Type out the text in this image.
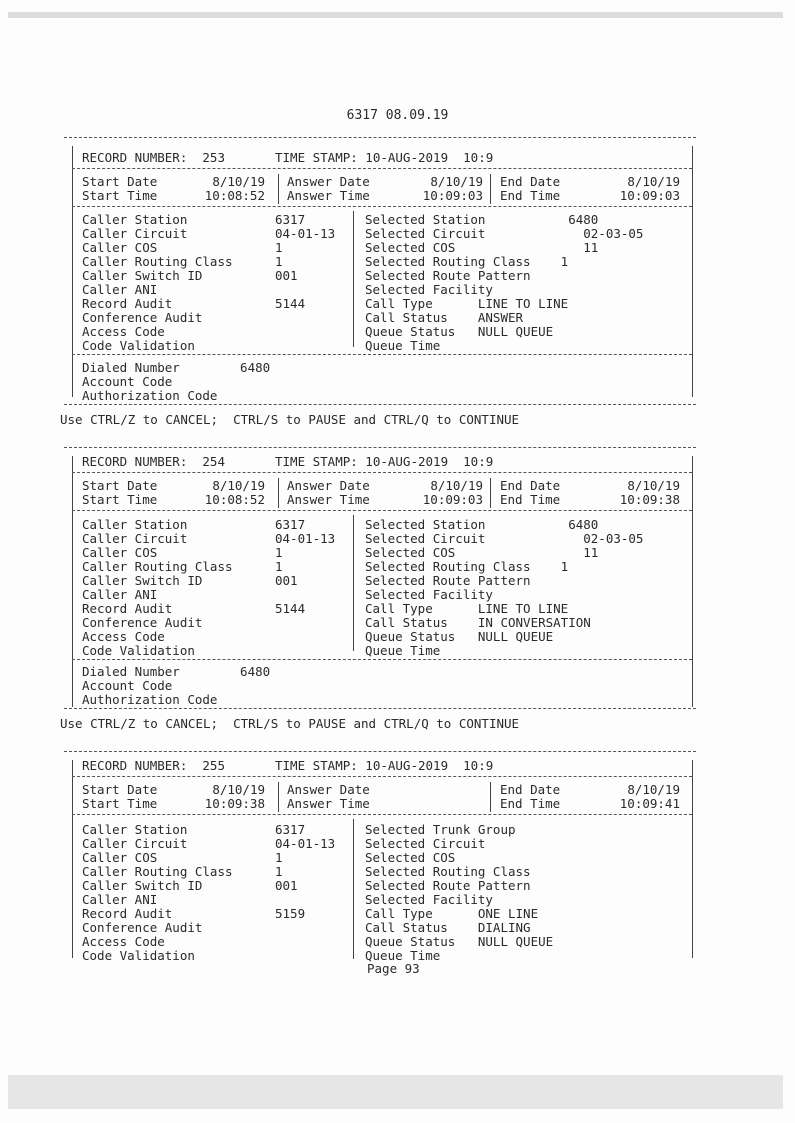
6317 08.09.19
RECORD NUMBER:  253	TIME STAMP: 10-AUG-2019  10:9
Start Date	8/10/19 Answer Date	8/10/19 End Date	8/10/19
Start Time	10:08:52 Answer Time	10:09:03 End Time	10:09:03
Caller Station	6317
Caller Circuit	04-01-13
Caller COS	1
Caller Routing Class	1
Caller Switch ID	001
Caller ANI
Record Audit	5144
Conference Audit
Access Code
Code Validation
Selected Station           6480
Selected Circuit             02-03-05
Selected COS                 11
Selected Routing Class    1
Selected Route Pattern
Selected Facility
Call Type      LINE TO LINE
Call Status    ANSWER
Queue Status   NULL QUEUE
Queue Time
Dialed Number        6480
Account Code
Authorization Code
Use CTRL/Z to CANCEL;  CTRL/S to PAUSE and CTRL/Q to CONTINUE
RECORD NUMBER:  254	TIME STAMP: 10-AUG-2019  10:9
Start Date	8/10/19 Answer Date	8/10/19 End Date	8/10/19
Start Time	10:08:52 Answer Time	10:09:03 End Time	10:09:38
Caller Station	6317
Caller Circuit	04-01-13
Caller COS	1
Caller Routing Class	1
Caller Switch ID	001
Caller ANI
Record Audit	5144
Conference Audit
Access Code
Code Validation
Selected Station           6480
Selected Circuit             02-03-05
Selected COS                 11
Selected Routing Class    1
Selected Route Pattern
Selected Facility
Call Type      LINE TO LINE
Call Status    IN CONVERSATION
Queue Status   NULL QUEUE
Queue Time
Dialed Number        6480
Account Code
Authorization Code
Use CTRL/Z to CANCEL;  CTRL/S to PAUSE and CTRL/Q to CONTINUE
RECORD NUMBER:  255	TIME STAMP: 10-AUG-2019  10:9
Start Date	8/10/19 Answer Date	End Date	8/10/19
Start Time	10:09:38 Answer Time	End Time	10:09:41
Caller Station	6317
Caller Circuit	04-01-13
Caller COS	1
Caller Routing Class	1
Caller Switch ID	001
Caller ANI
Record Audit	5159
Conference Audit
Access Code
Code Validation
Selected Trunk Group
Selected Circuit
Selected COS
Selected Routing Class
Selected Route Pattern
Selected Facility
Call Type      ONE LINE
Call Status    DIALING
Queue Status   NULL QUEUE
Queue Time
Page 93
